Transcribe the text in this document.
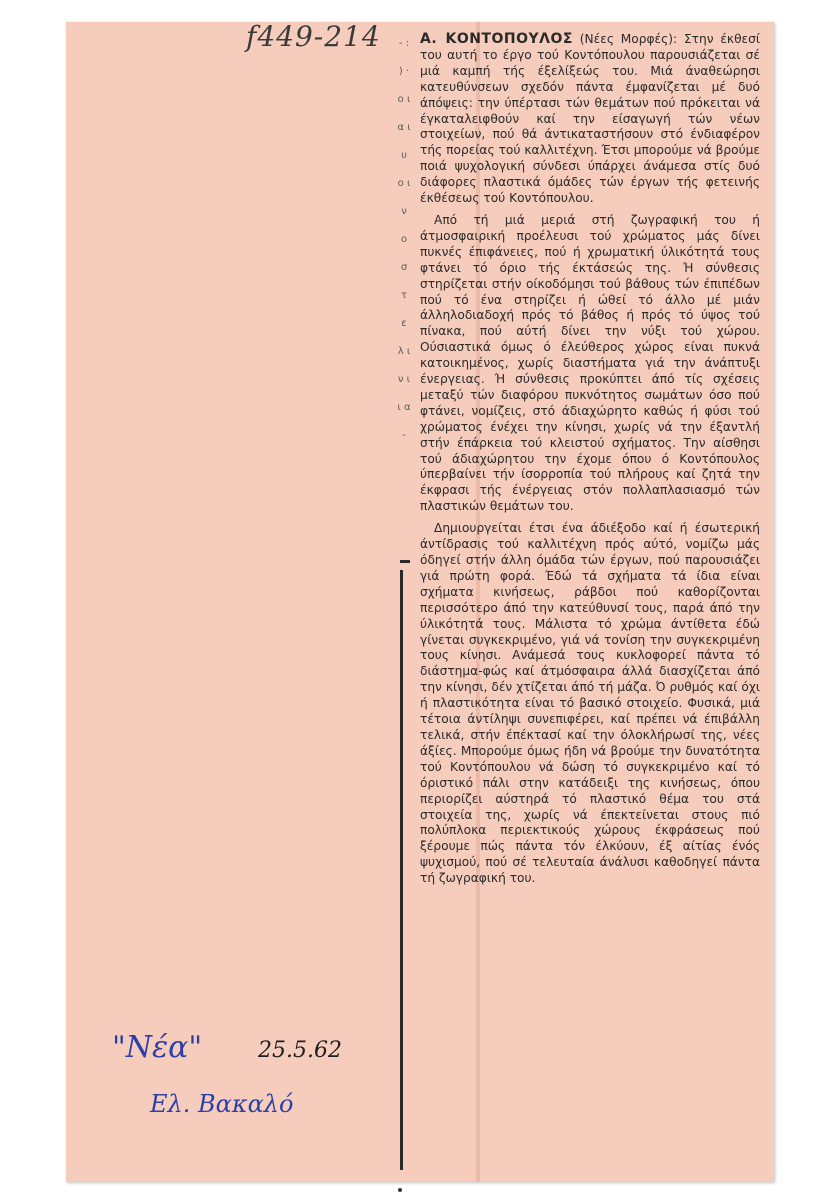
f449-214 - : ) · ο ι α ι υ ο ι ν ο σ τ ε λ ι ν ι ι α -

Α. ΚΟΝΤΟΠΟΥΛΟΣ (Νέες Μορφές): Στην έκθεσί του αυτή το έργο τού Κοντόπουλου παρουσιάζεται σέ μιά καμπή τής έξελίξεώς του. Μιά άναθεώρησι κατευθύνσεων σχεδόν πάντα έμφανίζεται μέ δυό άπόψεις: την ύπέρτασι τών θεμάτων πού πρόκειται νά έγκαταλειφθούν καί την είσαγωγή τών νέων στοιχείων, πού θά άντικαταστήσουν στό ένδιαφέρον τής πορείας τού καλλιτέχνη. Έτσι μπορούμε νά βρούμε ποιά ψυχολογική σύνδεσι ύπάρχει άνάμεσα στίς δυό διάφορες πλαστικά όμάδες τών έργων τής φετεινής έκθέσεως τού Κοντόπουλου.

Από τή μιά μεριά στή ζωγραφική του ή άτμοσφαιρική προέλευσι τού χρώματος μάς δίνει πυκνές έπιφάνειες, πού ή χρωματική ύλικότητά τους φτάνει τό όριο τής έκτάσεώς της. Ή σύνθεσις στηρίζεται στήν οίκοδόμησι τού βάθους τών έπιπέδων πού τό ένα στηρίζει ή ώθεί τό άλλο μέ μιάν άλληλοδιαδοχή πρός τό βάθος ή πρός τό ύψος τού πίνακα, πού αύτή δίνει την νύξι τού χώρου. Ούσιαστικά όμως ό έλεύθερος χώρος είναι πυκνά κατοικημένος, χωρίς διαστήματα γιά την άνάπτυξι ένεργειας. Ή σύνθεσις προκύπτει άπό τίς σχέσεις μεταξύ τών διαφόρου πυκνότητος σωμάτων όσο πού φτάνει, νομίζεις, στό άδιαχώρητο καθώς ή φύσι τού χρώματος ένέχει την κίνησι, χωρίς νά την έξαντλή στήν έπάρκεια τού κλειστού σχήματος. Την αίσθησι τού άδιαχώρητου την έχομε όπου ό Κοντόπουλος ύπερβαίνει τήν ίσορροπία τού πλήρους καί ζητά την έκφρασι τής ένέργειας στόν πολλαπλασιασμό τών πλαστικών θεμάτων του.

Δημιουργείται έτσι ένα άδιέξοδο καί ή έσωτερική άντίδρασις τού καλλιτέχνη πρός αύτό, νομίζω μάς όδηγεί στήν άλλη όμάδα τών έργων, πού παρουσιάζει γιά πρώτη φορά. Έδώ τά σχήματα τά ίδια είναι σχήματα κινήσεως, ράβδοι πού καθορίζονται περισσότερο άπό την κατεύθυνσί τους, παρά άπό την ύλικότητά τους. Μάλιστα τό χρώμα άντίθετα έδώ γίνεται συγκεκριμένο, γιά νά τονίση την συγκεκριμένη τους κίνησι. Ανάμεσά τους κυκλοφορεί πάντα τό διάστημα-φώς καί άτμόσφαιρα άλλά διασχίζεται άπό την κίνησι, δέν χτίζεται άπό τή μάζα. Ό ρυθμός καί όχι ή πλαστικότητα είναι τό βασικό στοιχείο. Φυσικά, μιά τέτοια άντίληψι συνεπιφέρει, καί πρέπει νά έπιβάλλη τελικά, στήν έπέκτασί καί την όλοκλήρωσί της, νέες άξίες. Μπορούμε όμως ήδη νά βρούμε την δυνατότητα τού Κοντόπουλου νά δώση τό συγκεκριμένο καί τό όριστικό πάλι στην κατάδειξι της κινήσεως, όπου περιορίζει αύστηρά τό πλαστικό θέμα του στά στοιχεία της, χωρίς νά έπεκτείνεται στους πιό πολύπλοκα περιεκτικούς χώρους έκφράσεως πού ξέρουμε πώς πάντα τόν έλκύουν, έξ αίτίας ένός ψυχισμού, πού σέ τελευταία άνάλυσι καθοδηγεί πάντα τή ζωγραφική του.

"Νέα"	25.5.62
Ελ. Βακαλό
